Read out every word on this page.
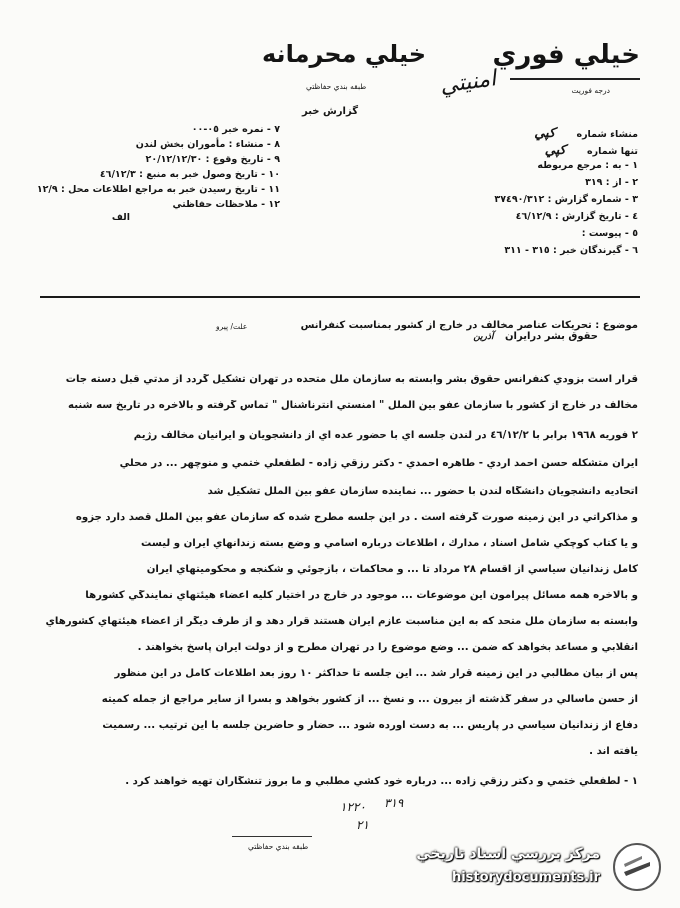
خيلي فوري
درجه فوريت
خيلي محرمانه
طبقه بندي حفاظتي	امنيتي
گزارش خبر
٧ - نمره خبر ٠٥-٠٠
٨ - منشاء : مأموران بخش لندن
٩ - تاريخ وقوع : ٢٠/١٢/١٢/٣٠
١٠ - تاريخ وصول خبر به منبع : ٤٦/١٢/٣
١١ - تاريخ رسيدن خبر به مراجع اطلاعات محل : ١٢/٩
١٢ - ملاحظات حفاظتي
الف
منشاء شماره كپي
تنها شماره كپي
١ - به : مرجع مربوطه
٢ - از : ٣١٩
٣ - شماره گزارش : ٣٧٤٩٠/٣١٢
٤ - تاريخ گزارش : ٤٦/١٢/٩
٥ - پيوست :
٦ - گيرندگان خبر : ٣١٥ - ٣١١
موضوع : تحريكات عناصر مخالف در خارج از كشور بمناسبت كنفرانس
حقوق بشر درايران آذرين
علت/ پيرو
قرار است بزودي كنفرانس حقوق بشر وابسته به سازمان ملل متحده در تهران تشكيل گردد از مدتي قبل دسته جات
مخالف در خارج از كشور با سازمان عفو بين الملل " امنستي انترناشنال " تماس گرفته و بالاخره در تاريخ سه شنبه
٢ فوريه ١٩٦٨ برابر با ٤٦/١٢/٢ در لندن جلسه اي با حضور عده اي از دانشجويان و ايرانيان مخالف رژيم
ايران متشكله حسن احمد اردي - طاهره احمدي - دكتر رزقي زاده - لطفعلي ختمي و منوچهر ... در محلي
اتحاديه دانشجويان دانشگاه لندن با حضور ... نماينده سازمان عفو بين الملل تشكيل شد
و مذاكراتي در اين زمينه صورت گرفته است . در اين جلسه مطرح شده كه سازمان عفو بين الملل قصد دارد جزوه
و يا كتاب كوچكي شامل اسناد ، مدارك ، اطلاعات درباره اسامي و وضع بسته زندانهاي ايران و ليست
كامل زندانيان سياسي از اقسام ٢٨ مرداد تا ... و محاكمات ، بازجوئي و شكنجه و محكوميتهاي ايران
و بالاخره همه مسائل پيرامون اين موضوعات ... موجود در خارج در اختيار كليه اعضاء هيئتهاي نمايندگي كشورها
وابسته به سازمان ملل متحد كه به اين مناسبت عازم ايران هستند قرار دهد و از طرف ديگر از اعضاء هيئتهاي كشورهاي
انقلابي و مساعد بخواهد كه ضمن ... وضع موضوع را در تهران مطرح و از دولت ايران پاسخ بخواهند .
پس از بيان مطالبي در اين زمينه قرار شد ... اين جلسه تا حداكثر ١٠ روز بعد اطلاعات كامل در اين منظور
از حسن ماسالي در سفر گذشته از بيرون ... و نسخ ... از كشور بخواهد و بسرا از ساير مراجع از جمله كميته
دفاع از زندانيان سياسي در پاريس ... به دست آورده شود ... حضار و حاضرين جلسه با اين ترتيب ... رسميت
يافته اند .
١ - لطفعلي ختمي و دكتر رزقي زاده ... درباره خود كشي مطلبي و ما بروز تنشگاران تهيه خواهند كرد .
١٢٢٠ ٣١٩
٢١
طبقه بندي حفاظتي	مركز بررسي اسناد تاريخي
historydocuments.ir
